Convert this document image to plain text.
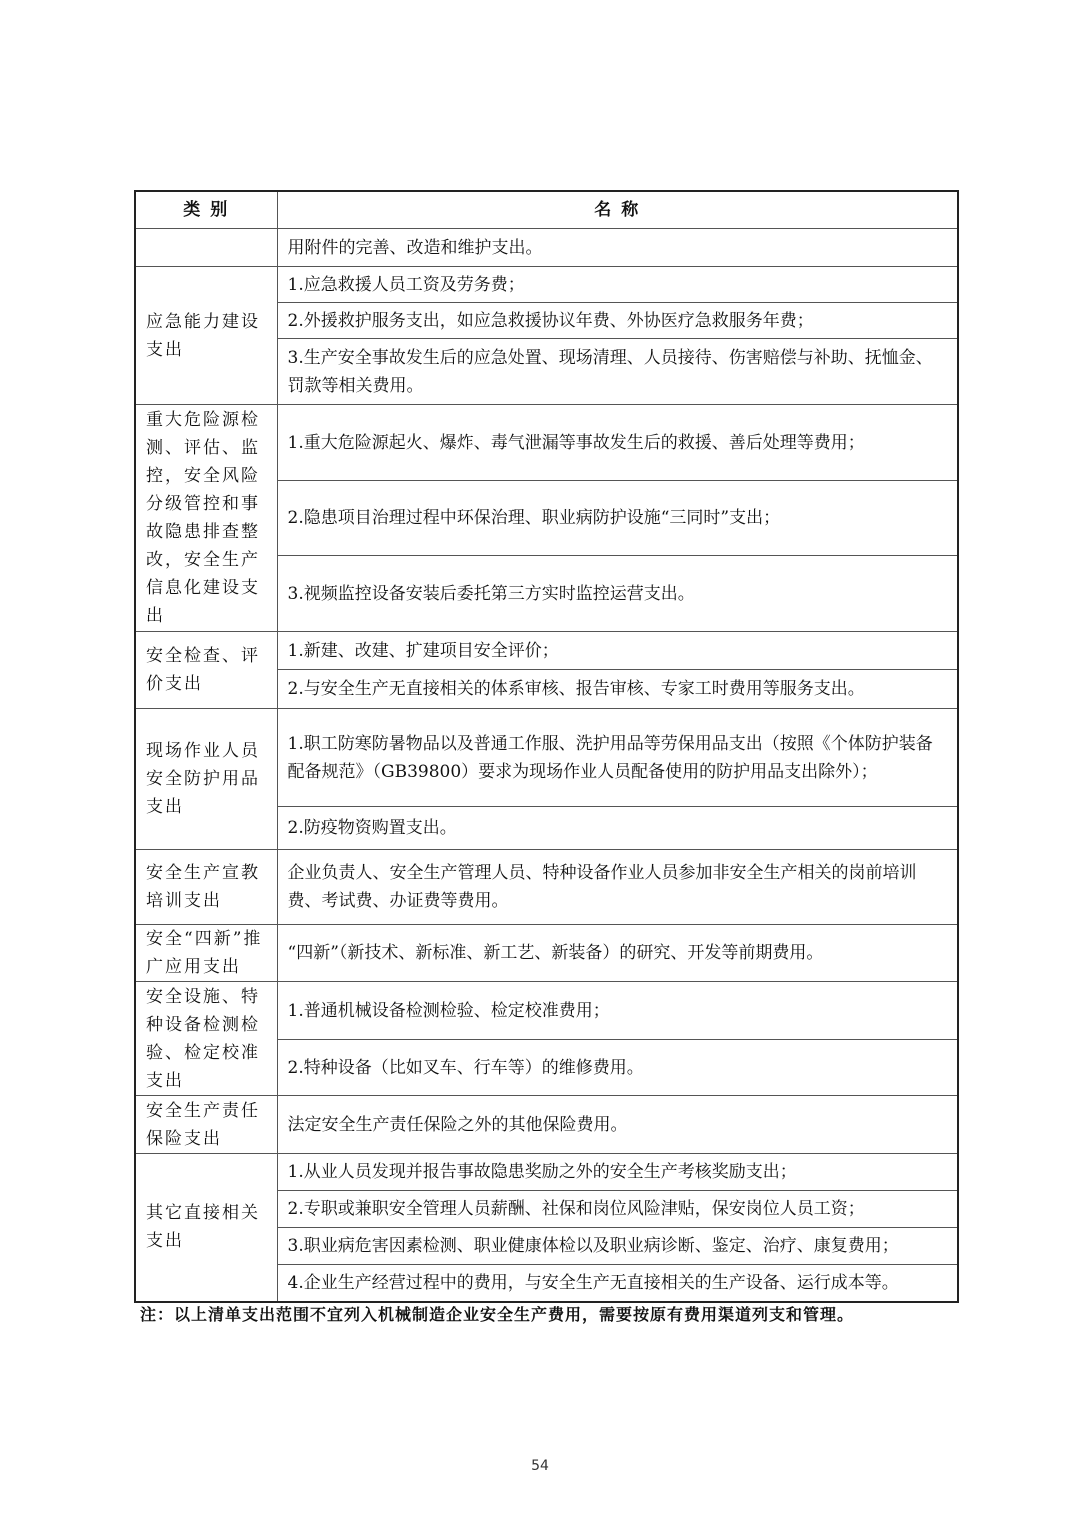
类 别	名 称
	用附件的完善、改造和维护支出。
应急能力建设支出	1.应急救援人员工资及劳务费；
	2.外援救护服务支出，如应急救援协议年费、外协医疗急救服务年费；
	3.生产安全事故发生后的应急处置、现场清理、人员接待、伤害赔偿与补助、抚恤金、罚款等相关费用。
重大危险源检测、评估、监控，安全风险分级管控和事故隐患排查整改，安全生产信息化建设支出	1.重大危险源起火、爆炸、毒气泄漏等事故发生后的救援、善后处理等费用；
	2.隐患项目治理过程中环保治理、职业病防护设施“三同时”支出；
	3.视频监控设备安装后委托第三方实时监控运营支出。
安全检查、评价支出	1.新建、改建、扩建项目安全评价；
	2.与安全生产无直接相关的体系审核、报告审核、专家工时费用等服务支出。
现场作业人员安全防护用品支出	1.职工防寒防暑物品以及普通工作服、洗护用品等劳保用品支出（按照《个体防护装备配备规范》（GB39800）要求为现场作业人员配备使用的防护用品支出除外）；
	2.防疫物资购置支出。
安全生产宣教培训支出	企业负责人、安全生产管理人员、特种设备作业人员参加非安全生产相关的岗前培训费、考试费、办证费等费用。
安全“四新”推广应用支出	“四新”（新技术、新标准、新工艺、新装备）的研究、开发等前期费用。
安全设施、特种设备检测检验、检定校准支出	1.普通机械设备检测检验、检定校准费用；
	2.特种设备（比如叉车、行车等）的维修费用。
安全生产责任保险支出	法定安全生产责任保险之外的其他保险费用。
其它直接相关支出	1.从业人员发现并报告事故隐患奖励之外的安全生产考核奖励支出；
	2.专职或兼职安全管理人员薪酬、社保和岗位风险津贴，保安岗位人员工资；
	3.职业病危害因素检测、职业健康体检以及职业病诊断、鉴定、治疗、康复费用；
	4.企业生产经营过程中的费用，与安全生产无直接相关的生产设备、运行成本等。
注：以上清单支出范围不宜列入机械制造企业安全生产费用，需要按原有费用渠道列支和管理。
54
